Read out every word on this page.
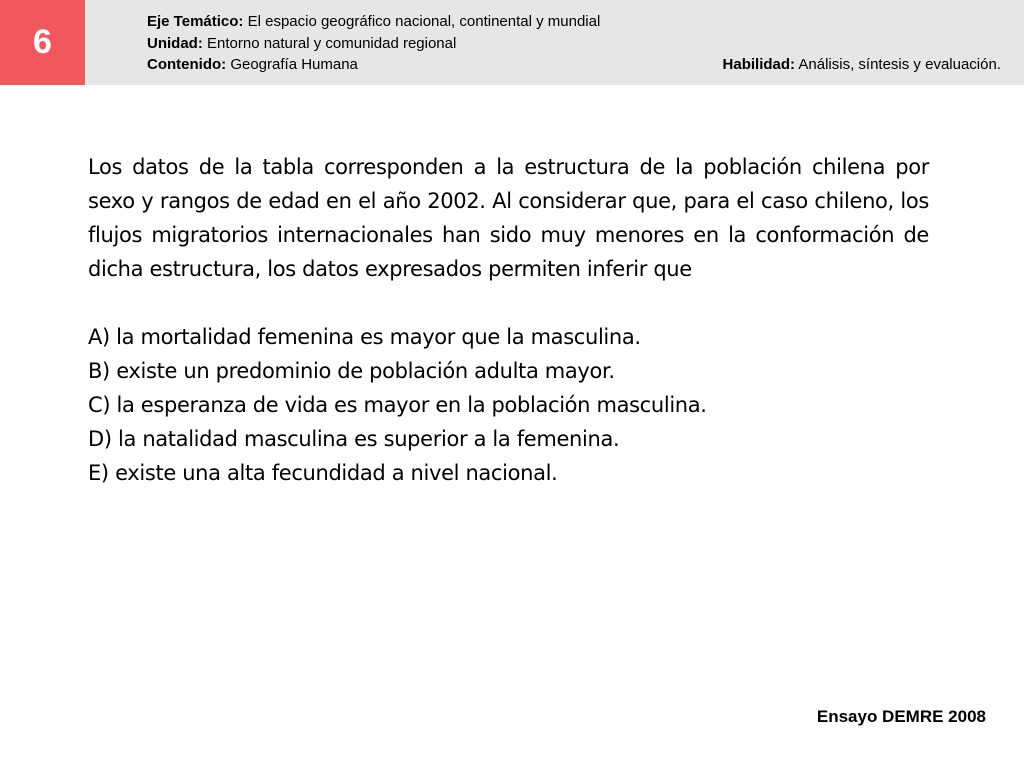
6
Eje Temático: El espacio geográfico nacional, continental y mundial
Unidad: Entorno natural y comunidad regional
Contenido: Geografía Humana	Habilidad: Análisis, síntesis y evaluación.

Los datos de la tabla corresponden a la estructura de la población chilena por sexo y rangos de edad en el año 2002. Al considerar que, para el caso chileno, los flujos migratorios internacionales han sido muy menores en la conformación de dicha estructura, los datos expresados permiten inferir que

A) la mortalidad femenina es mayor que la masculina.
B) existe un predominio de población adulta mayor.
C) la esperanza de vida es mayor en la población masculina.
D) la natalidad masculina es superior a la femenina.
E) existe una alta fecundidad a nivel nacional.
Ensayo DEMRE 2008
